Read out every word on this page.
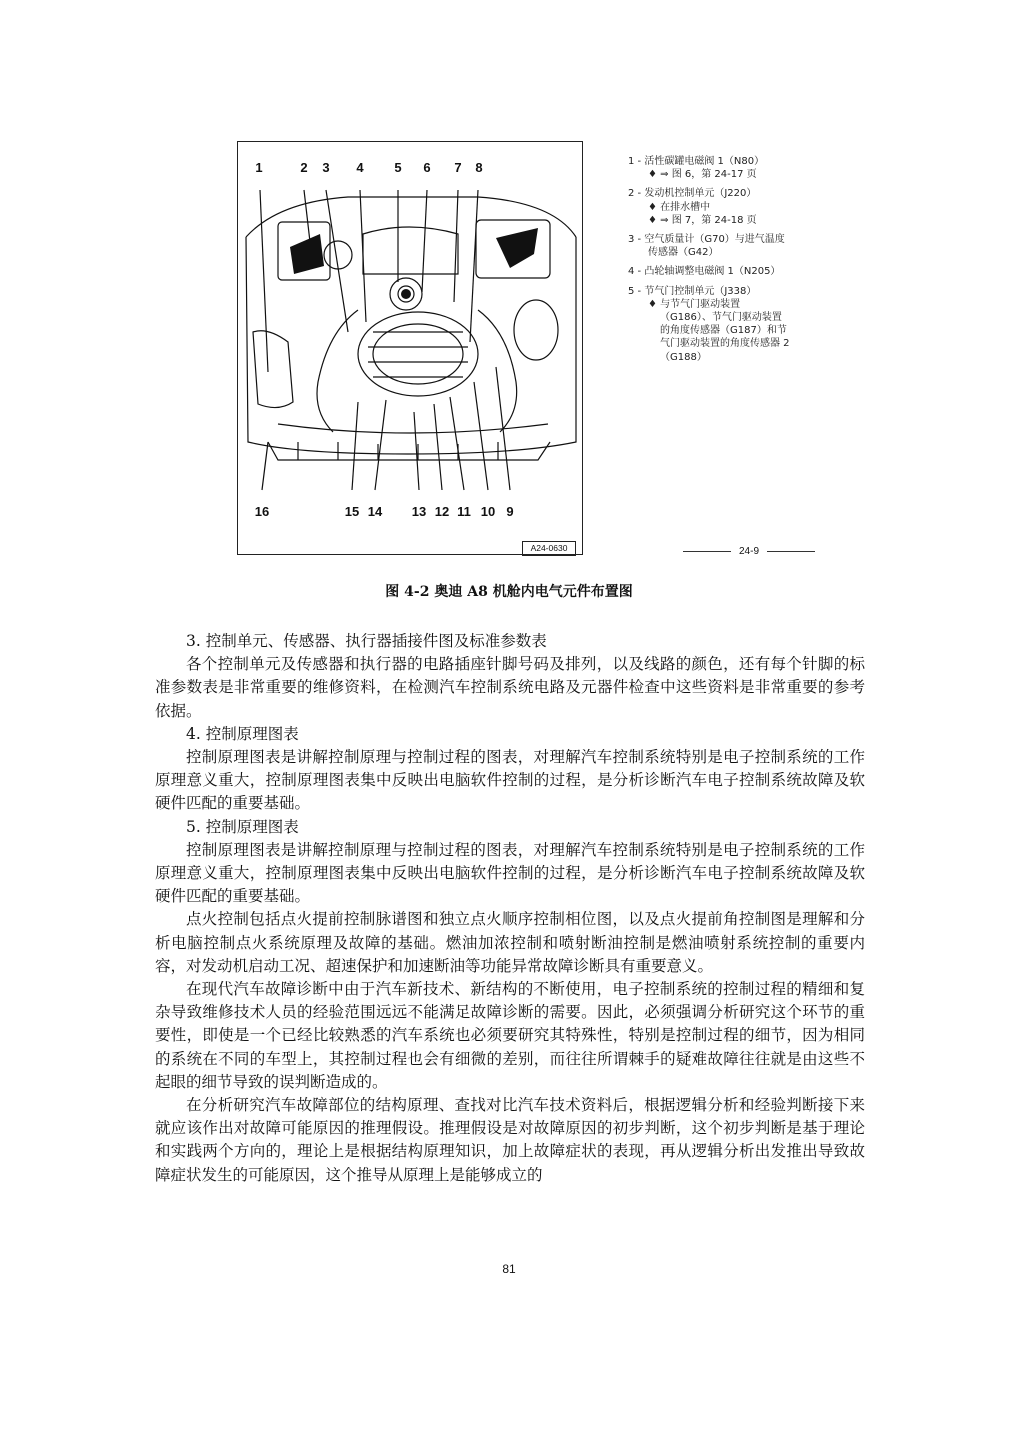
1	2 3 4 5 6 7 8
16	15 14 13 12 11 10 9
A24-0630
1 - 活性碳罐电磁阀 1（N80）
♦ ⇒ 图 6，第 24-17 页
2 - 发动机控制单元（J220）
♦ 在排水槽中
♦ ⇒ 图 7，第 24-18 页
3 - 空气质量计（G70）与进气温度
传感器（G42）
4 - 凸轮轴调整电磁阀 1（N205）
5 - 节气门控制单元（J338）
♦ 与节气门驱动装置
（G186）、节气门驱动装置
的角度传感器（G187）和节
气门驱动装置的角度传感器 2
（G188）
24-9
图 4-2 奥迪 A8 机舱内电气元件布置图

3. 控制单元、传感器、执行器插接件图及标准参数表

各个控制单元及传感器和执行器的电路插座针脚号码及排列，以及线路的颜色，还有每个针脚的标准参数表是非常重要的维修资料，在检测汽车控制系统电路及元器件检查中这些资料是非常重要的参考依据。

4. 控制原理图表

控制原理图表是讲解控制原理与控制过程的图表，对理解汽车控制系统特别是电子控制系统的工作原理意义重大，控制原理图表集中反映出电脑软件控制的过程，是分析诊断汽车电子控制系统故障及软硬件匹配的重要基础。

5. 控制原理图表

控制原理图表是讲解控制原理与控制过程的图表，对理解汽车控制系统特别是电子控制系统的工作原理意义重大，控制原理图表集中反映出电脑软件控制的过程，是分析诊断汽车电子控制系统故障及软硬件匹配的重要基础。

点火控制包括点火提前控制脉谱图和独立点火顺序控制相位图，以及点火提前角控制图是理解和分析电脑控制点火系统原理及故障的基础。燃油加浓控制和喷射断油控制是燃油喷射系统控制的重要内容，对发动机启动工况、超速保护和加速断油等功能异常故障诊断具有重要意义。

在现代汽车故障诊断中由于汽车新技术、新结构的不断使用，电子控制系统的控制过程的精细和复杂导致维修技术人员的经验范围远远不能满足故障诊断的需要。因此，必须强调分析研究这个环节的重要性，即使是一个已经比较熟悉的汽车系统也必须要研究其特殊性，特别是控制过程的细节，因为相同的系统在不同的车型上，其控制过程也会有细微的差别，而往往所谓棘手的疑难故障往往就是由这些不起眼的细节导致的误判断造成的。

在分析研究汽车故障部位的结构原理、查找对比汽车技术资料后，根据逻辑分析和经验判断接下来就应该作出对故障可能原因的推理假设。推理假设是对故障原因的初步判断，这个初步判断是基于理论和实践两个方向的，理论上是根据结构原理知识，加上故障症状的表现，再从逻辑分析出发推出导致故障症状发生的可能原因，这个推导从原理上是能够成立的

81
